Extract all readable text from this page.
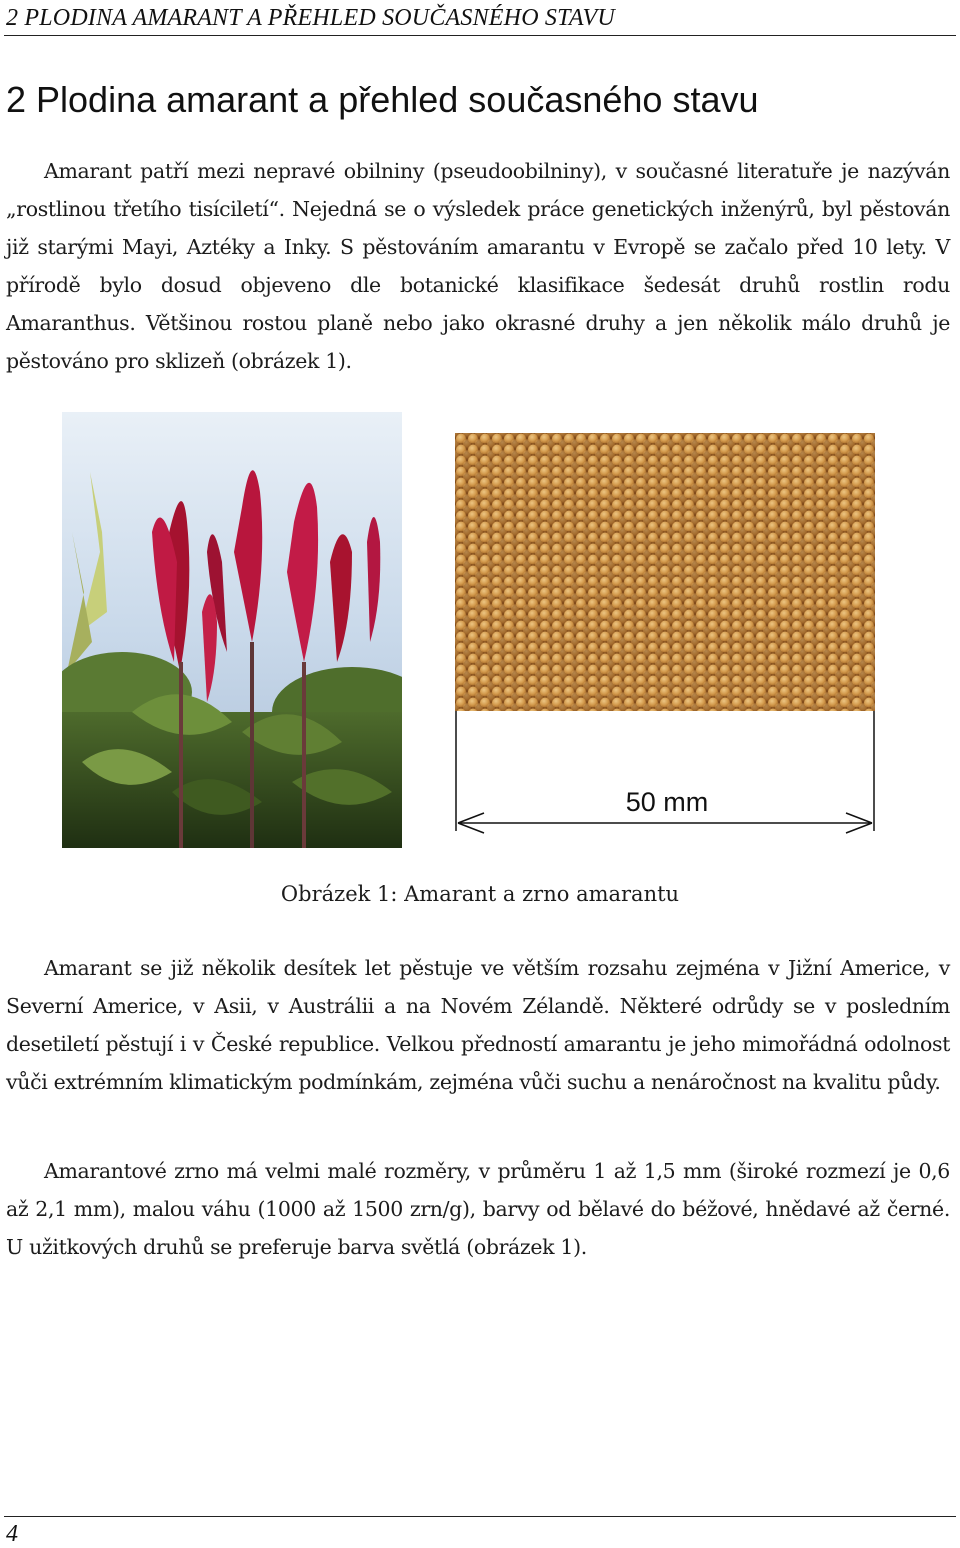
2 PLODINA AMARANT A PŘEHLED SOUČASNÉHO STAVU
2 Plodina amarant a přehled současného stavu

Amarant patří mezi nepravé obilniny (pseudoobilniny), v současné literatuře je nazýván „rostlinou třetího tisíciletí“. Nejedná se o výsledek práce genetických inženýrů, byl pěstován již starými Mayi, Aztéky a Inky. S pěstováním amarantu v Evropě se začalo před 10 lety. V přírodě bylo dosud objeveno dle botanické klasifikace šedesát druhů rostlin rodu Amaranthus. Většinou rostou planě nebo jako okrasné druhy a jen několik málo druhů je pěstováno pro sklizeň (obrázek 1).

50 mm
Obrázek 1: Amarant a zrno amarantu

Amarant se již několik desítek let pěstuje ve větším rozsahu zejména v Jižní Americe, v Severní Americe, v Asii, v Austrálii a na Novém Zélandě. Některé odrůdy se v posledním desetiletí pěstují i v České republice. Velkou předností amarantu je jeho mimořádná odolnost vůči extrémním klimatickým podmínkám, zejména vůči suchu a nenáročnost na kvalitu půdy.

Amarantové zrno má velmi malé rozměry, v průměru 1 až 1,5 mm (široké rozmezí je 0,6 až 2,1 mm), malou váhu (1000 až 1500 zrn/g), barvy od bělavé do béžové, hnědavé až černé. U užitkových druhů se preferuje barva světlá (obrázek 1).

4
